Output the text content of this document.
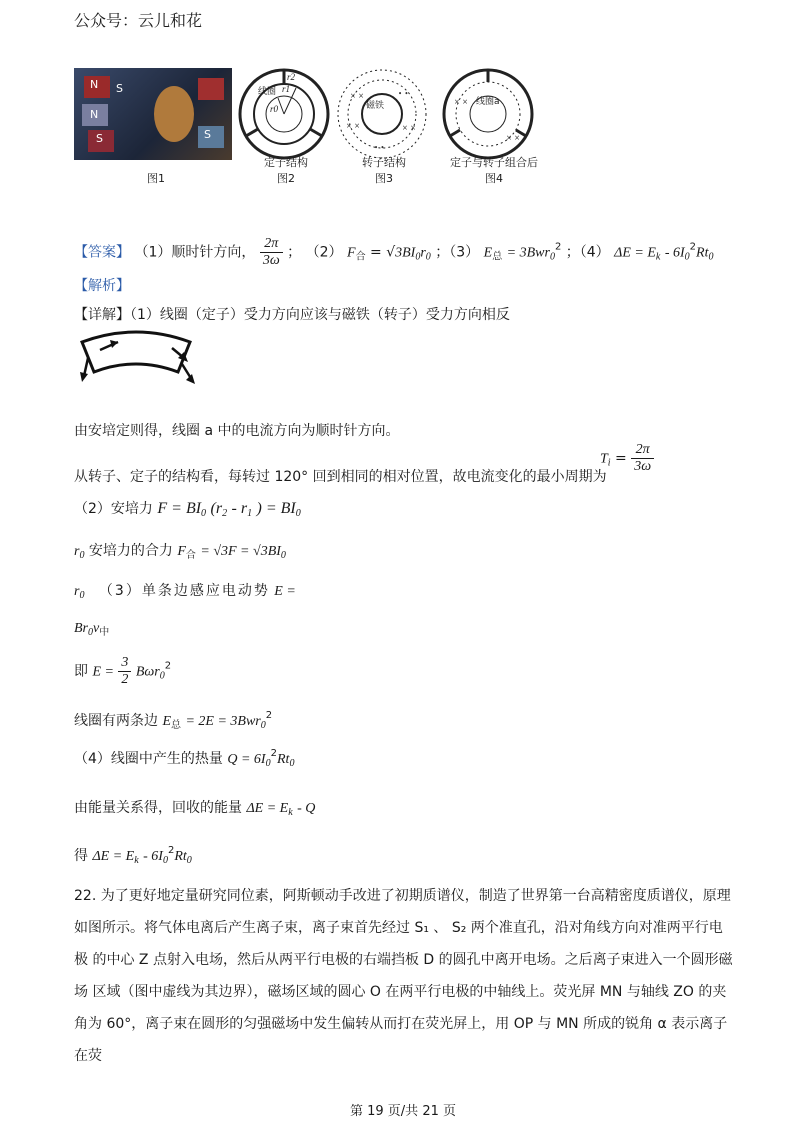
公众号：云儿和花
N S
N
S	S
图1
线圈
r2
r1
r0
定子结构
图2
× ×	• •
× ×	× ×
• •
磁铁
转子结构
图3
× ×
× ×
线圈a
定子与转子组合后
图4
【答案】 （1）顺时针方向， $\frac{2\pi}{3\omega}$ ； （2） $F_合 = √3BI_0r_0$ ；（3） $E_总 = 3Bwr_0^2$ ；（4） $\Delta E = E_k - 6I_0^2Rt_0$
【解析】
【详解】（1）线圈（定子）受力方向应该与磁铁（转子）受力方向相反
由安培定则得，线圈 a 中的电流方向为顺时针方向。
从转子、定子的结构看，每转过 120° 回到相同的相对位置，故电流变化的最小周期为
$T_i = \frac{2\pi}{3\omega}$
（2）安培力 $F = BI_0$ ($r_2 - r_1$ ) = $BI_0$
$r_0$ 安培力的合力 $F_合 = √3F = √3BI_0$
$r_0$ （3）单条边感应电动势 E =
$Br_0v_中$
即 $E = \frac{3}{2} B\omega r_0^2$
线圈有两条边 $E_总 = 2E = 3Bwr_0^2$
（4）线圈中产生的热量 $Q = 6I_0^2Rt_0$
由能量关系得，回收的能量 $\Delta E = E_k - Q$
得 $\Delta E = E_k - 6I_0^2Rt_0$
22. 为了更好地定量研究同位素，阿斯顿动手改进了初期质谱仪，制造了世界第一台高精密度质谱仪，原理如图所示。将气体电离后产生离子束，离子束首先经过 S₁ 、 S₂ 两个准直孔，沿对角线方向对准两平行电极 的中心 Z 点射入电场，然后从两平行电极的右端挡板 D 的圆孔中离开电场。之后离子束进入一个圆形磁场 区域（图中虚线为其边界），磁场区域的圆心 O 在两平行电极的中轴线上。荧光屏 MN 与轴线 ZO 的夹角为 60°，离子束在圆形的匀强磁场中发生偏转从而打在荧光屏上，用 OP 与 MN 所成的锐角 α 表示离子在荧
第 19 页/共 21 页
